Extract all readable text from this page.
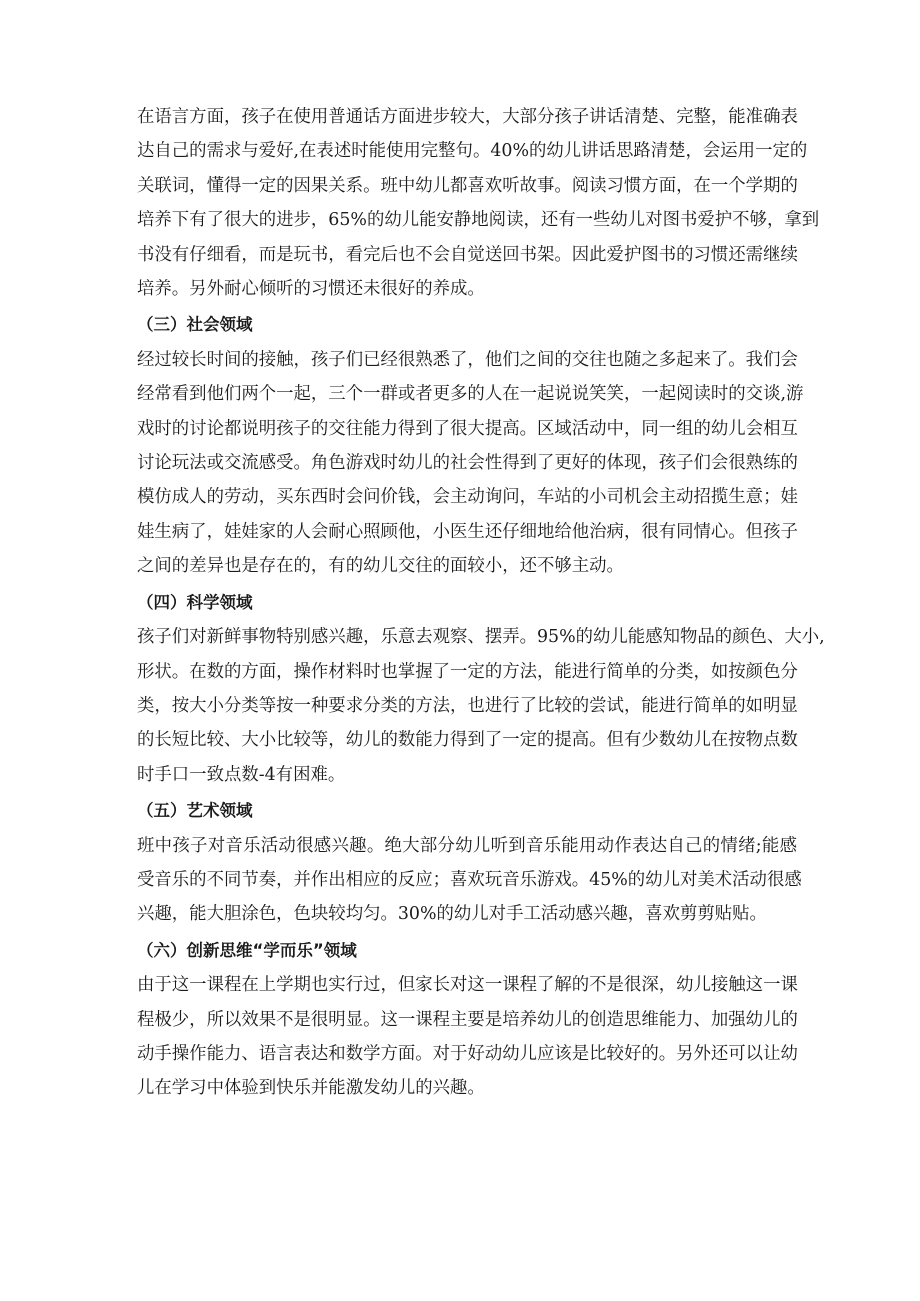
在语言方面，孩子在使用普通话方面进步较大，大部分孩子讲话清楚、完整，能准确表
达自己的需求与爱好,在表述时能使用完整句。40%的幼儿讲话思路清楚，会运用一定的
关联词，懂得一定的因果关系。班中幼儿都喜欢听故事。阅读习惯方面，在一个学期的
培养下有了很大的进步，65%的幼儿能安静地阅读，还有一些幼儿对图书爱护不够，拿到
书没有仔细看，而是玩书，看完后也不会自觉送回书架。因此爱护图书的习惯还需继续
培养。另外耐心倾听的习惯还未很好的养成。
（三）社会领域
经过较长时间的接触，孩子们已经很熟悉了，他们之间的交往也随之多起来了。我们会
经常看到他们两个一起，三个一群或者更多的人在一起说说笑笑，一起阅读时的交谈,游
戏时的讨论都说明孩子的交往能力得到了很大提高。区域活动中，同一组的幼儿会相互
讨论玩法或交流感受。角色游戏时幼儿的社会性得到了更好的体现，孩子们会很熟练的
模仿成人的劳动，买东西时会问价钱，会主动询问，车站的小司机会主动招揽生意；娃
娃生病了，娃娃家的人会耐心照顾他，小医生还仔细地给他治病，很有同情心。但孩子
之间的差异也是存在的，有的幼儿交往的面较小，还不够主动。
（四）科学领域
孩子们对新鲜事物特别感兴趣，乐意去观察、摆弄。95%的幼儿能感知物品的颜色、大小,
形状。在数的方面，操作材料时也掌握了一定的方法，能进行简单的分类，如按颜色分
类，按大小分类等按一种要求分类的方法，也进行了比较的尝试，能进行简单的如明显
的长短比较、大小比较等，幼儿的数能力得到了一定的提高。但有少数幼儿在按物点数
时手口一致点数-4有困难。
（五）艺术领域
班中孩子对音乐活动很感兴趣。绝大部分幼儿听到音乐能用动作表达自己的情绪;能感
受音乐的不同节奏，并作出相应的反应；喜欢玩音乐游戏。45%的幼儿对美术活动很感
兴趣，能大胆涂色，色块较均匀。30%的幼儿对手工活动感兴趣，喜欢剪剪贴贴。
（六）创新思维“学而乐”领域
由于这一课程在上学期也实行过，但家长对这一课程了解的不是很深，幼儿接触这一课
程极少，所以效果不是很明显。这一课程主要是培养幼儿的创造思维能力、加强幼儿的
动手操作能力、语言表达和数学方面。对于好动幼儿应该是比较好的。另外还可以让幼
儿在学习中体验到快乐并能激发幼儿的兴趣。
